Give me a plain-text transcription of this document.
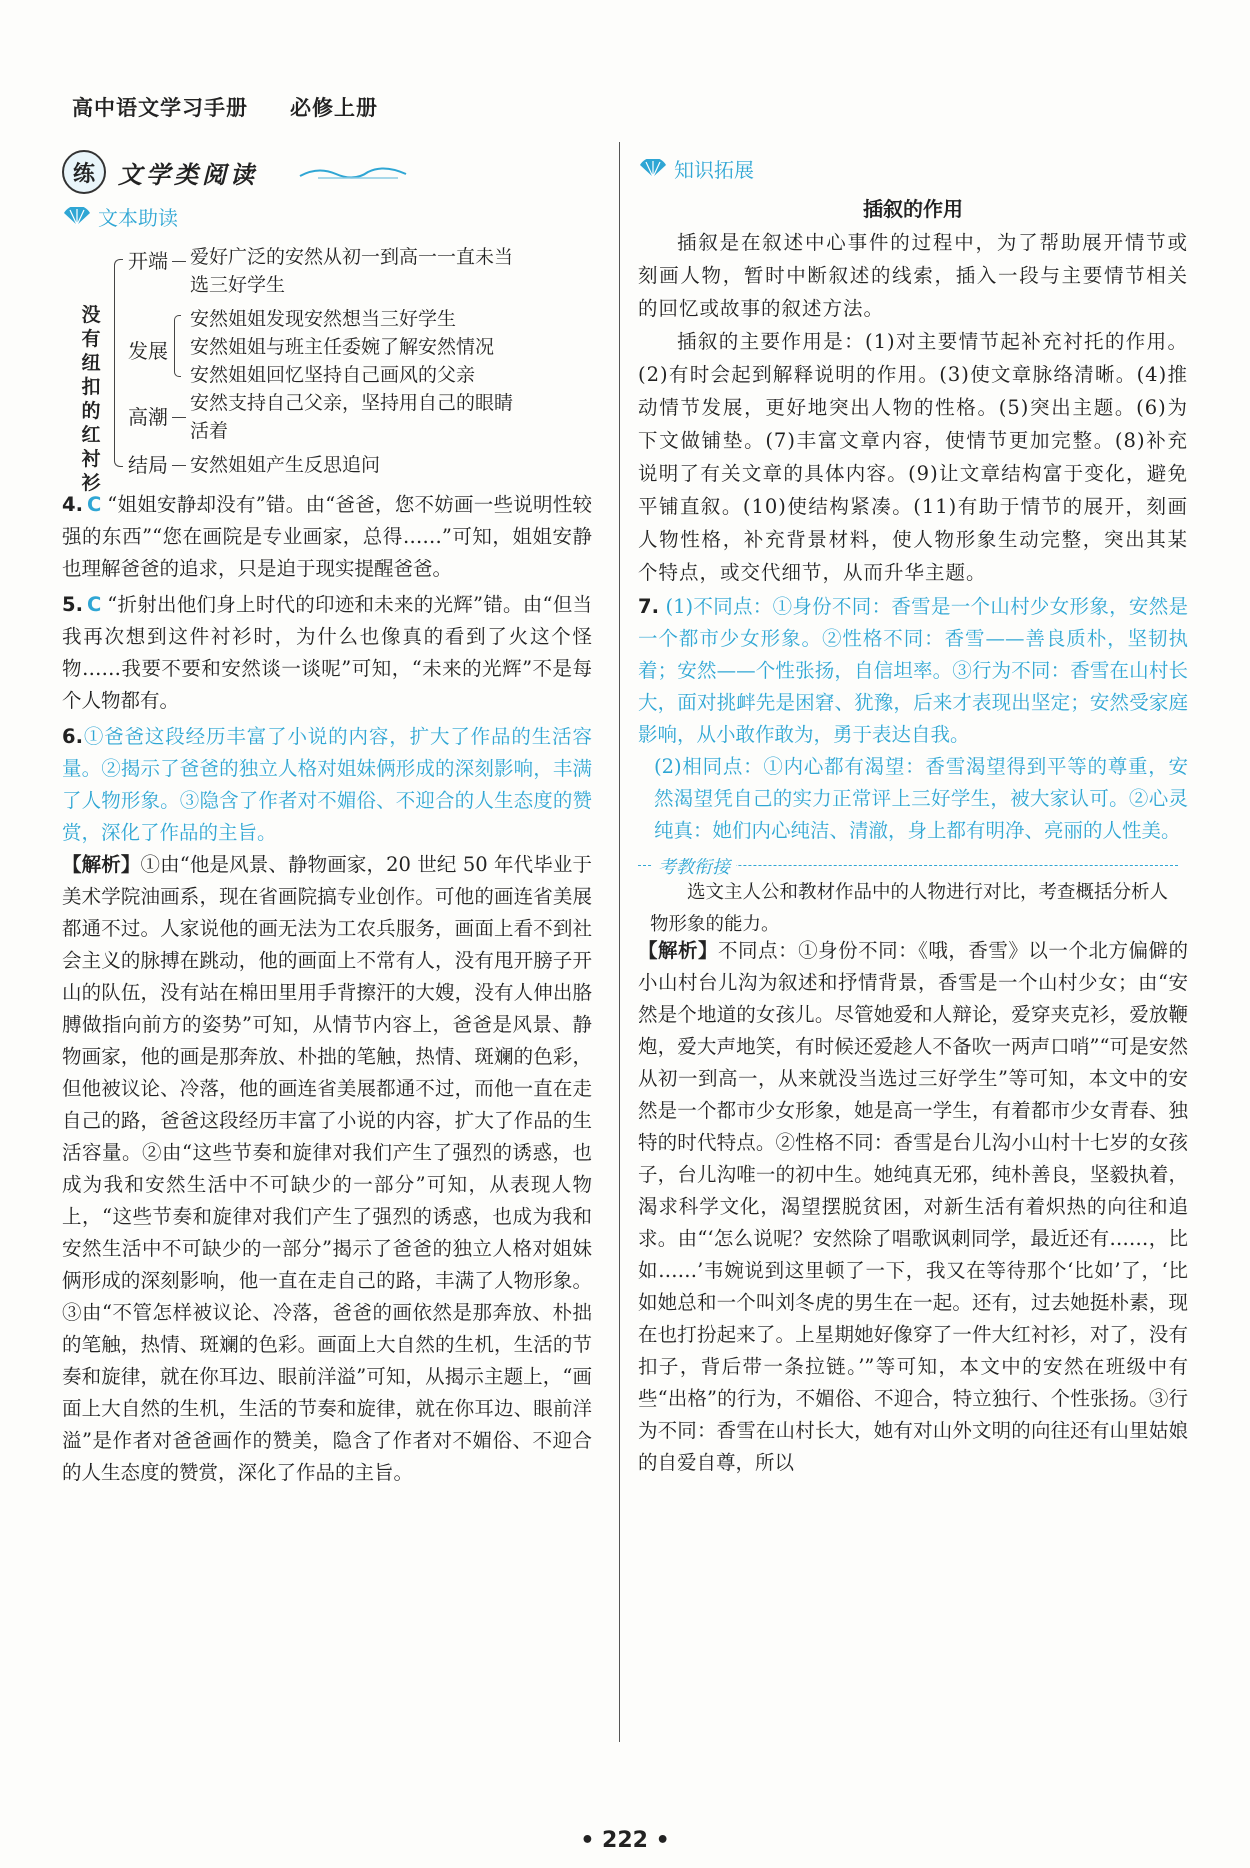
高中语文学习手册 必修上册
练 文学类阅读
文本助读
没有纽扣的红衬衫
开端 爱好广泛的安然从初一到高一一直未当
选三好学生
发展
安然姐姐发现安然想当三好学生
安然姐姐与班主任委婉了解安然情况
安然姐姐回忆坚持自己画风的父亲
高潮
安然支持自己父亲，坚持用自己的眼睛
活着
结局 安然姐姐产生反思追问
4. C “姐姐安静却没有”错。由“爸爸，您不妨画一些说明性较强的东西”“您在画院是专业画家，总得……”可知，姐姐安静也理解爸爸的追求，只是迫于现实提醒爸爸。
5. C “折射出他们身上时代的印迹和未来的光辉”错。由“但当我再次想到这件衬衫时，为什么也像真的看到了火这个怪物……我要不要和安然谈一谈呢”可知，“未来的光辉”不是每个人物都有。
6.①爸爸这段经历丰富了小说的内容，扩大了作品的生活容量。②揭示了爸爸的独立人格对姐妹俩形成的深刻影响，丰满了人物形象。③隐含了作者对不媚俗、不迎合的人生态度的赞赏，深化了作品的主旨。
【解析】①由“他是风景、静物画家，20 世纪 50 年代毕业于美术学院油画系，现在省画院搞专业创作。可他的画连省美展都通不过。人家说他的画无法为工农兵服务，画面上看不到社会主义的脉搏在跳动，他的画面上不常有人，没有甩开膀子开山的队伍，没有站在棉田里用手背擦汗的大嫂，没有人伸出胳膊做指向前方的姿势”可知，从情节内容上，爸爸是风景、静物画家，他的画是那奔放、朴拙的笔触，热情、斑斓的色彩，但他被议论、冷落，他的画连省美展都通不过，而他一直在走自己的路，爸爸这段经历丰富了小说的内容，扩大了作品的生活容量。②由“这些节奏和旋律对我们产生了强烈的诱惑，也成为我和安然生活中不可缺少的一部分”可知，从表现人物上，“这些节奏和旋律对我们产生了强烈的诱惑，也成为我和安然生活中不可缺少的一部分”揭示了爸爸的独立人格对姐妹俩形成的深刻影响，他一直在走自己的路，丰满了人物形象。③由“不管怎样被议论、冷落，爸爸的画依然是那奔放、朴拙的笔触，热情、斑斓的色彩。画面上大自然的生机，生活的节奏和旋律，就在你耳边、眼前洋溢”可知，从揭示主题上，“画面上大自然的生机，生活的节奏和旋律，就在你耳边、眼前洋溢”是作者对爸爸画作的赞美，隐含了作者对不媚俗、不迎合的人生态度的赞赏，深化了作品的主旨。
知识拓展
插叙的作用

插叙是在叙述中心事件的过程中，为了帮助展开情节或刻画人物，暂时中断叙述的线索，插入一段与主要情节相关的回忆或故事的叙述方法。

插叙的主要作用是：(1)对主要情节起补充衬托的作用。(2)有时会起到解释说明的作用。(3)使文章脉络清晰。(4)推动情节发展，更好地突出人物的性格。(5)突出主题。(6)为下文做铺垫。(7)丰富文章内容，使情节更加完整。(8)补充说明了有关文章的具体内容。(9)让文章结构富于变化，避免平铺直叙。(10)使结构紧凑。(11)有助于情节的展开，刻画人物性格，补充背景材料，使人物形象生动完整，突出其某个特点，或交代细节，从而升华主题。

7. (1)不同点：①身份不同：香雪是一个山村少女形象，安然是一个都市少女形象。②性格不同：香雪——善良质朴，坚韧执着；安然——个性张扬，自信坦率。③行为不同：香雪在山村长大，面对挑衅先是困窘、犹豫，后来才表现出坚定；安然受家庭影响，从小敢作敢为，勇于表达自我。
(2)相同点：①内心都有渴望：香雪渴望得到平等的尊重，安然渴望凭自己的实力正常评上三好学生，被大家认可。②心灵纯真：她们内心纯洁、清澈，身上都有明净、亮丽的人性美。
考教衔接
选文主人公和教材作品中的人物进行对比，考查概括分析人物形象的能力。
【解析】不同点：①身份不同：《哦，香雪》以一个北方偏僻的小山村台儿沟为叙述和抒情背景，香雪是一个山村少女；由“安然是个地道的女孩儿。尽管她爱和人辩论，爱穿夹克衫，爱放鞭炮，爱大声地笑，有时候还爱趁人不备吹一两声口哨”“可是安然从初一到高一，从来就没当选过三好学生”等可知，本文中的安然是一个都市少女形象，她是高一学生，有着都市少女青春、独特的时代特点。②性格不同：香雪是台儿沟小山村十七岁的女孩子，台儿沟唯一的初中生。她纯真无邪，纯朴善良，坚毅执着，渴求科学文化，渴望摆脱贫困，对新生活有着炽热的向往和追求。由“‘怎么说呢？安然除了唱歌讽刺同学，最近还有……，比如……’韦婉说到这里顿了一下，我又在等待那个‘比如’了，‘比如她总和一个叫刘冬虎的男生在一起。还有，过去她挺朴素，现在也打扮起来了。上星期她好像穿了一件大红衬衫，对了，没有扣子，背后带一条拉链。’”等可知，本文中的安然在班级中有些“出格”的行为，不媚俗、不迎合，特立独行、个性张扬。③行为不同：香雪在山村长大，她有对山外文明的向往还有山里姑娘的自爱自尊，所以
• 222 •
